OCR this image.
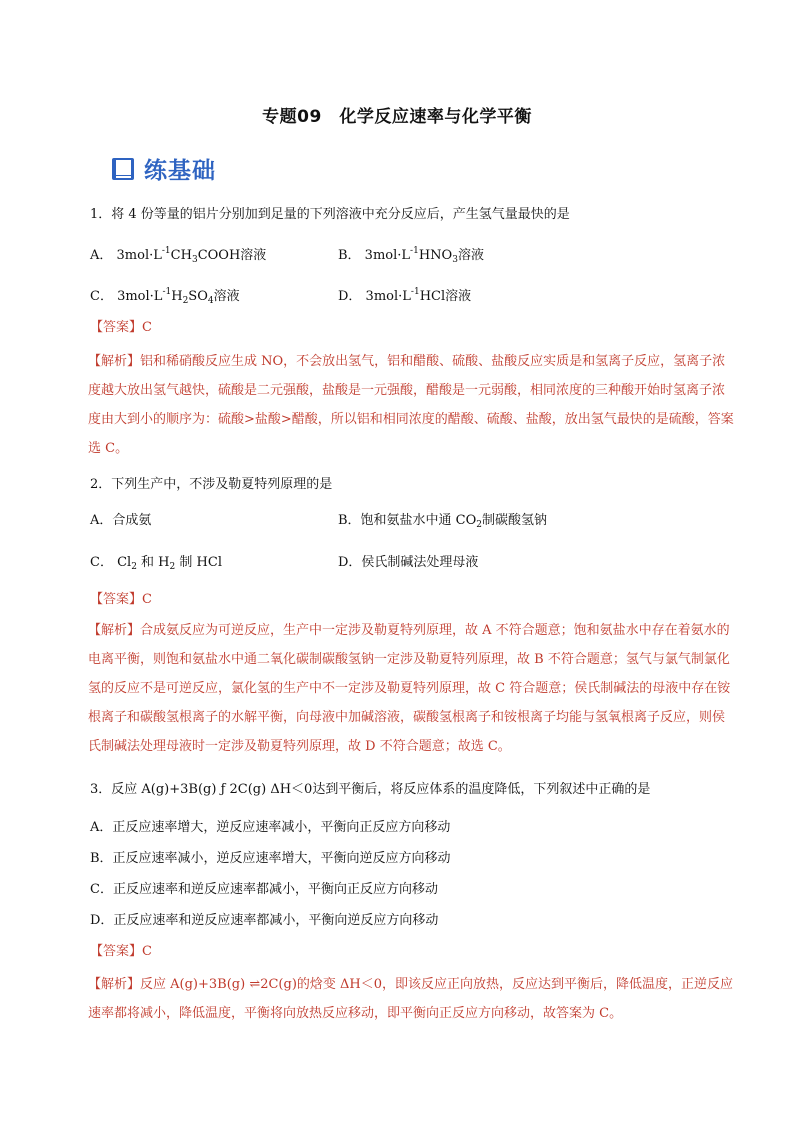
专题09　化学反应速率与化学平衡
练基础
1．将 4 份等量的铝片分别加到足量的下列溶液中充分反应后，产生氢气量最快的是
A． $3mol\cdot L^{-1}CH_3COOH$溶液	B． $3mol\cdot L^{-1}HNO_3$溶液
C． $3mol\cdot L^{-1}H_2SO_4$溶液	D． $3mol\cdot L^{-1}HCl$溶液
【答案】C
【解析】铝和稀硝酸反应生成 NO，不会放出氢气，铝和醋酸、硫酸、盐酸反应实质是和氢离子反应，氢离子浓度越大放出氢气越快，硫酸是二元强酸，盐酸是一元强酸，醋酸是一元弱酸，相同浓度的三种酸开始时氢离子浓度由大到小的顺序为：硫酸>盐酸>醋酸，所以铝和相同浓度的醋酸、硫酸、盐酸，放出氢气最快的是硫酸，答案选 C。
2．下列生产中，不涉及勒夏特列原理的是
A．合成氨	B．饱和氨盐水中通 $CO_2$制碳酸氢钠
C． $Cl_2$ 和 $H_2$ 制 HCl	D．侯氏制碱法处理母液
【答案】C
【解析】合成氨反应为可逆反应，生产中一定涉及勒夏特列原理，故 A 不符合题意；饱和氨盐水中存在着氨水的电离平衡，则饱和氨盐水中通二氧化碳制碳酸氢钠一定涉及勒夏特列原理，故 B 不符合题意；氢气与氯气制氯化氢的反应不是可逆反应，氯化氢的生产中不一定涉及勒夏特列原理，故 C 符合题意；侯氏制碱法的母液中存在铵根离子和碳酸氢根离子的水解平衡，向母液中加碱溶液，碳酸氢根离子和铵根离子均能与氢氧根离子反应，则侯氏制碱法处理母液时一定涉及勒夏特列原理，故 D 不符合题意；故选 C。
3．反应 A(g)+3B(g) ƒ 2C(g) ΔH＜0达到平衡后，将反应体系的温度降低，下列叙述中正确的是
A．正反应速率增大，逆反应速率减小，平衡向正反应方向移动
B．正反应速率减小，逆反应速率增大，平衡向逆反应方向移动
C．正反应速率和逆反应速率都减小，平衡向正反应方向移动
D．正反应速率和逆反应速率都减小，平衡向逆反应方向移动
【答案】C
【解析】反应 A(g)+3B(g) ⇌2C(g)的焓变 ΔH＜0，即该反应正向放热，反应达到平衡后，降低温度，正逆反应速率都将减小，降低温度，平衡将向放热反应移动，即平衡向正反应方向移动，故答案为 C。
